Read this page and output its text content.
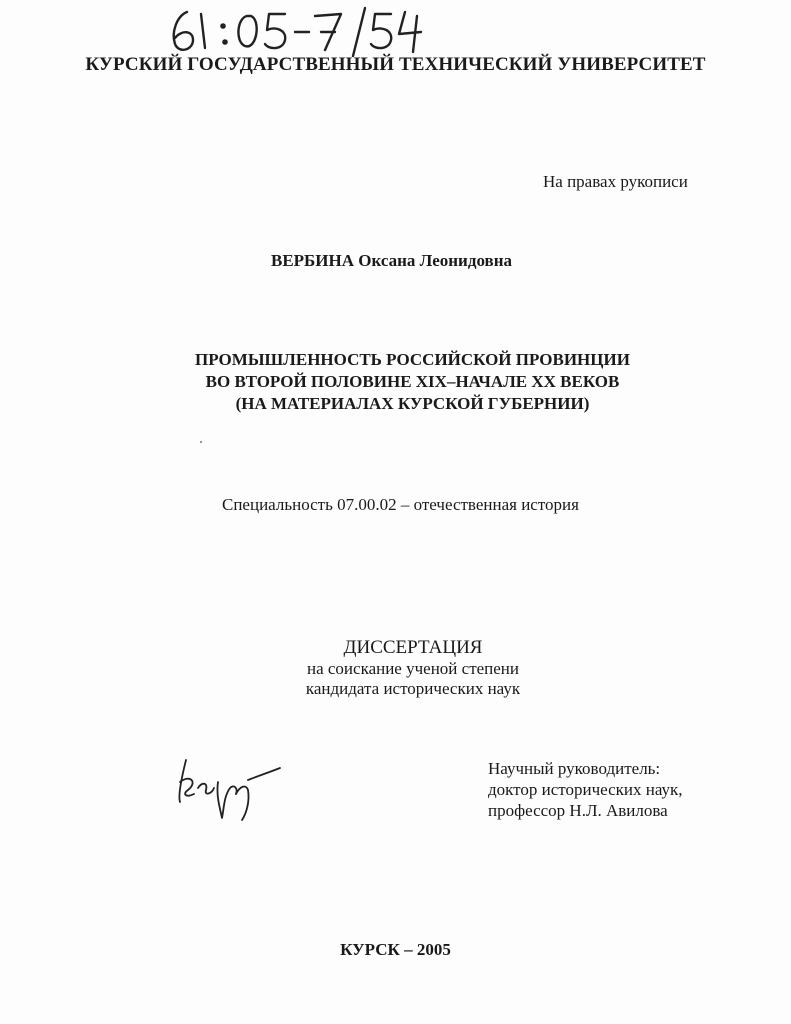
КУРСКИЙ ГОСУДАРСТВЕННЫЙ ТЕХНИЧЕСКИЙ УНИВЕРСИТЕТ
На правах рукописи
ВЕРБИНА Оксана Леонидовна
ПРОМЫШЛЕННОСТЬ РОССИЙСКОЙ ПРОВИНЦИИ
ВО ВТОРОЙ ПОЛОВИНЕ XIX–НАЧАЛЕ XX ВЕКОВ
(НА МАТЕРИАЛАХ КУРСКОЙ ГУБЕРНИИ)
Специальность 07.00.02 – отечественная история
ДИССЕРТАЦИЯ
на соискание ученой степени
кандидата исторических наук
Научный руководитель:
доктор исторических наук,
профессор Н.Л. Авилова
КУРСК – 2005
